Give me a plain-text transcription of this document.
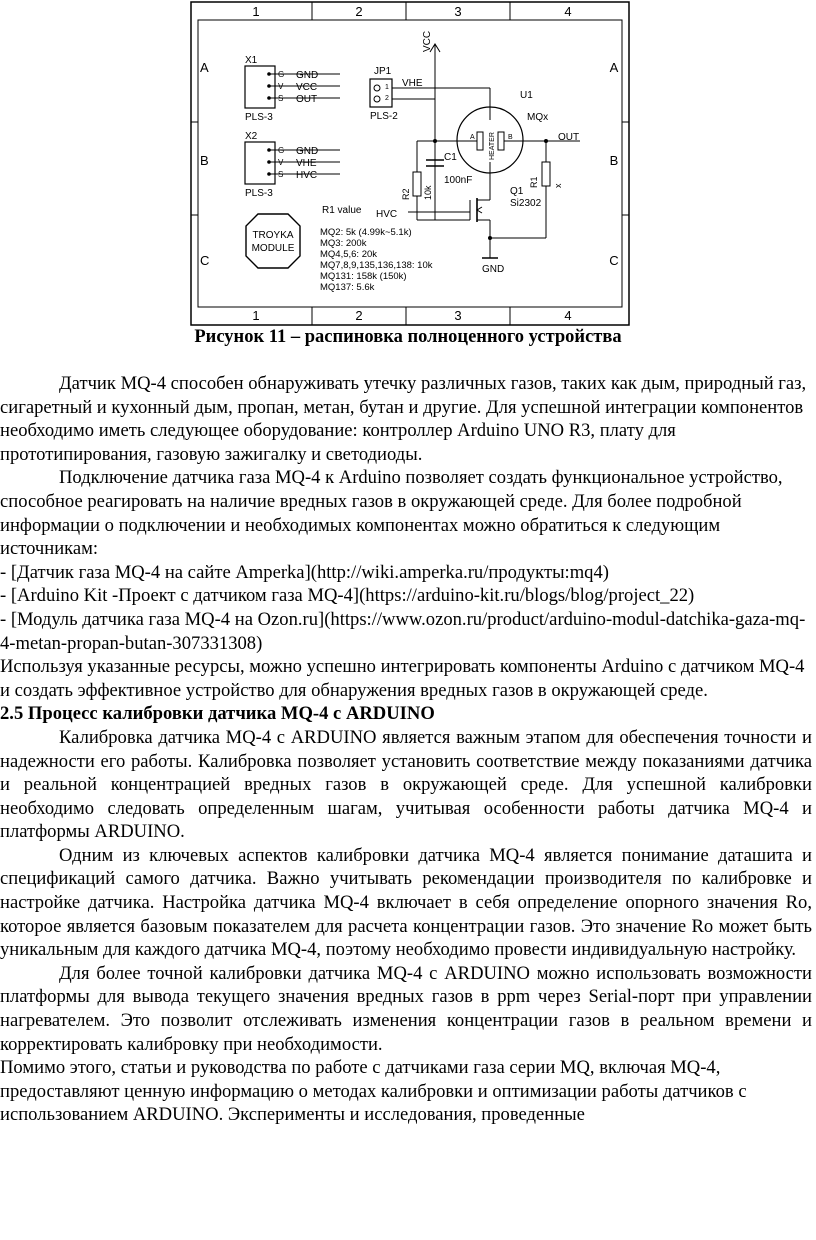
1	2	3	4
A
B
C
A
B
C
1	2	3	4
X1
G
V
S
GND
VCC
OUT
PLS-3
X2
G
V
S
GND
VHE
HVC
PLS-3
JP1
1
2
VHE
PLS-2
VCC
U1
MQx
A	B
HEATER	OUT
R1 x
C1
100nF
R2 10k	Q1
Si2302
HVC
GND
TROYKA
MODULE
R1 value
MQ2: 5k (4.99k~5.1k)
MQ3: 200k
MQ4,5,6: 20k
MQ7,8,9,135,136,138: 10k
MQ131: 158k (150k)
MQ137: 5.6k
Рисунок 11 – распиновка полноценного устройства

Датчик MQ-4 способен обнаруживать утечку различных газов, таких как дым, природный газ, сигаретный и кухонный дым, пропан, метан, бутан и другие. Для успешной интеграции компонентов необходимо иметь следующее оборудование: контроллер Arduino UNO R3, плату для прототипирования, газовую зажигалку и светодиоды.

Подключение датчика газа MQ-4 к Arduino позволяет создать функциональное устройство, способное реагировать на наличие вредных газов в окружающей среде. Для более подробной информации о подключении и необходимых компонентах можно обратиться к следующим источникам:

- [Датчик газа MQ-4 на сайте Amperka](http://wiki.amperka.ru/продукты:mq4)

- [Arduino Kit -Проект с датчиком газа MQ-4](https://arduino-kit.ru/blogs/blog/project_22)

- [Модуль датчика газа MQ-4 на Ozon.ru](https://www.ozon.ru/product/arduino-modul-datchika-gaza-mq-4-metan-propan-butan-307331308)

Используя указанные ресурсы, можно успешно интегрировать компоненты Arduino с датчиком MQ-4 и создать эффективное устройство для обнаружения вредных газов в окружающей среде.

2.5 Процесс калибровки датчика MQ-4 с ARDUINO

Калибровка датчика MQ-4 с ARDUINO является важным этапом для обеспечения точности и надежности его работы. Калибровка позволяет установить соответствие между показаниями датчика и реальной концентрацией вредных газов в окружающей среде. Для успешной калибровки необходимо следовать определенным шагам, учитывая особенности работы датчика MQ-4 и платформы ARDUINO.

Одним из ключевых аспектов калибровки датчика MQ-4 является понимание даташита и спецификаций самого датчика. Важно учитывать рекомендации производителя по калибровке и настройке датчика. Настройка датчика MQ-4 включает в себя определение опорного значения Ro, которое является базовым показателем для расчета концентрации газов. Это значение Ro может быть уникальным для каждого датчика MQ-4, поэтому необходимо провести индивидуальную настройку.

Для более точной калибровки датчика MQ-4 с ARDUINO можно использовать возможности платформы для вывода текущего значения вредных газов в ppm через Serial-порт при управлении нагревателем. Это позволит отслеживать изменения концентрации газов в реальном времени и корректировать калибровку при необходимости.

Помимо этого, статьи и руководства по работе с датчиками газа серии MQ, включая MQ-4, предоставляют ценную информацию о методах калибровки и оптимизации работы датчиков с использованием ARDUINO. Эксперименты и исследования, проведенные
